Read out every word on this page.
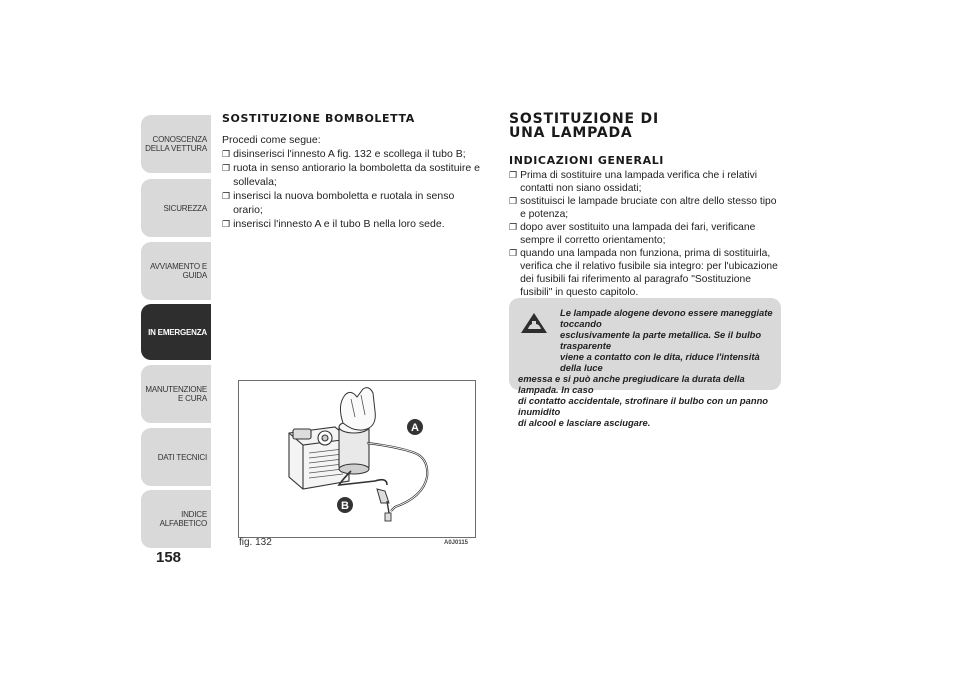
CONOSCENZA DELLA VETTURA
SICUREZZA
AVVIAMENTO E GUIDA
IN EMERGENZA
MANUTENZIONE E CURA
DATI TECNICI
INDICE ALFABETICO
158
SOSTITUZIONE BOMBOLETTA
Procedi come segue:
❐ disinserisci l'innesto A fig. 132 e scollega il tubo B;
❐ ruota in senso antiorario la bomboletta da sostituire e sollevala;
❐ inserisci la nuova bomboletta e ruotala in senso orario;
❐ inserisci l'innesto A e il tubo B nella loro sede.
A
B
fig. 132	A0J0115
SOSTITUZIONE DI
UNA LAMPADA
INDICAZIONI GENERALI
❐ Prima di sostituire una lampada verifica che i relativi contatti non siano ossidati;
❐ sostituisci le lampade bruciate con altre dello stesso tipo e potenza;
❐ dopo aver sostituito una lampada dei fari, verificane sempre il corretto orientamento;
❐ quando una lampada non funziona, prima di sostituirla, verifica che il relativo fusibile sia integro: per l'ubicazione dei fusibili fai riferimento al paragrafo "Sostituzione fusibili" in questo capitolo.
Le lampade alogene devono essere maneggiate toccando
esclusivamente la parte metallica. Se il bulbo trasparente
viene a contatto con le dita, riduce l'intensità della luce
emessa e si può anche pregiudicare la durata della lampada. In caso
di contatto accidentale, strofinare il bulbo con un panno inumidito
di alcool e lasciare asciugare.
